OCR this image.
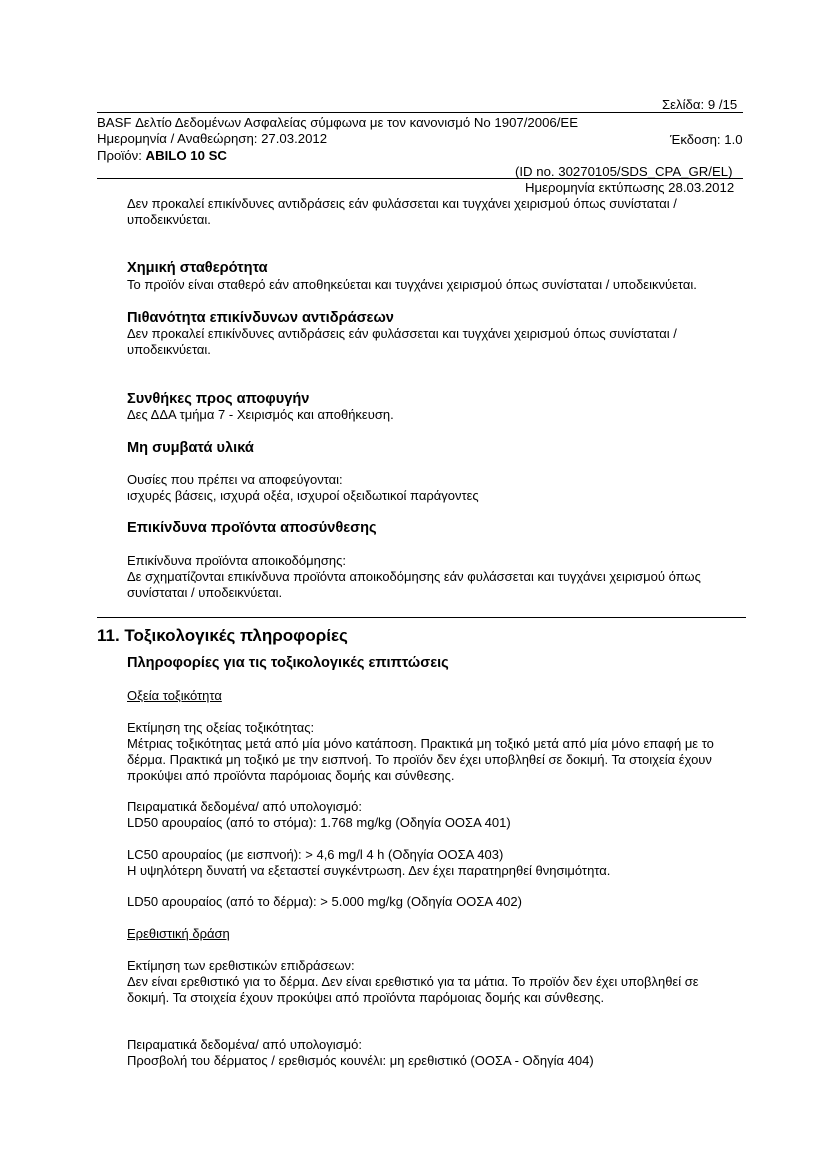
Σελίδα: 9 /15
BASF Δελτίο Δεδομένων Ασφαλείας σύμφωνα με τον κανονισμό Νο 1907/2006/ΕΕ
Ημερομηνία / Αναθεώρηση: 27.03.2012	Έκδοση: 1.0
Προϊόν: ABILO 10 SC
(ID no. 30270105/SDS_CPA_GR/EL)
Ημερομηνία εκτύπωσης 28.03.2012
Δεν προκαλεί επικίνδυνες αντιδράσεις εάν φυλάσσεται και τυγχάνει χειρισμού όπως συνίσταται /
υποδεικνύεται.
Χημική σταθερότητα
Το προϊόν είναι σταθερό εάν αποθηκεύεται και τυγχάνει χειρισμού όπως συνίσταται / υποδεικνύεται.
Πιθανότητα επικίνδυνων αντιδράσεων
Δεν προκαλεί επικίνδυνες αντιδράσεις εάν φυλάσσεται και τυγχάνει χειρισμού όπως συνίσταται /
υποδεικνύεται.
Συνθήκες προς αποφυγήν
Δες ΔΔΑ τμήμα 7 - Χειρισμός και αποθήκευση.
Μη συμβατά υλικά
Ουσίες που πρέπει να αποφεύγονται:
ισχυρές βάσεις, ισχυρά οξέα, ισχυροί οξειδωτικοί παράγοντες
Επικίνδυνα προϊόντα αποσύνθεσης
Επικίνδυνα προϊόντα αποικοδόμησης:
Δε σχηματίζονται επικίνδυνα προϊόντα αποικοδόμησης εάν φυλάσσεται και τυγχάνει χειρισμού όπως
συνίσταται / υποδεικνύεται.
11. Τοξικολογικές πληροφορίες
Πληροφορίες για τις τοξικολογικές επιπτώσεις
Οξεία τοξικότητα
Εκτίμηση της οξείας τοξικότητας:
Μέτριας τοξικότητας μετά από μία μόνο κατάποση. Πρακτικά μη τοξικό μετά από μία μόνο επαφή με το
δέρμα. Πρακτικά μη τοξικό με την εισπνοή. Το προϊόν δεν έχει υποβληθεί σε δοκιμή. Τα στοιχεία έχουν
προκύψει από προϊόντα παρόμοιας δομής και σύνθεσης.
Πειραματικά δεδομένα/ από υπολογισμό:
LD50 αρουραίος (από το στόμα): 1.768 mg/kg (Οδηγία ΟΟΣΑ 401)
LC50 αρουραίος (με εισπνοή): > 4,6 mg/l 4 h (Οδηγία ΟΟΣΑ 403)
Η υψηλότερη δυνατή να εξεταστεί συγκέντρωση. Δεν έχει παρατηρηθεί θνησιμότητα.
LD50 αρουραίος (από το δέρμα): > 5.000 mg/kg (Οδηγία ΟΟΣΑ 402)
Ερεθιστική δράση
Εκτίμηση των ερεθιστικών επιδράσεων:
Δεν είναι ερεθιστικό για το δέρμα. Δεν είναι ερεθιστικό για τα μάτια. Το προϊόν δεν έχει υποβληθεί σε
δοκιμή. Τα στοιχεία έχουν προκύψει από προϊόντα παρόμοιας δομής και σύνθεσης.
Πειραματικά δεδομένα/ από υπολογισμό:
Προσβολή του δέρματος / ερεθισμός κουνέλι: μη ερεθιστικό (ΟΟΣΑ - Οδηγία 404)
